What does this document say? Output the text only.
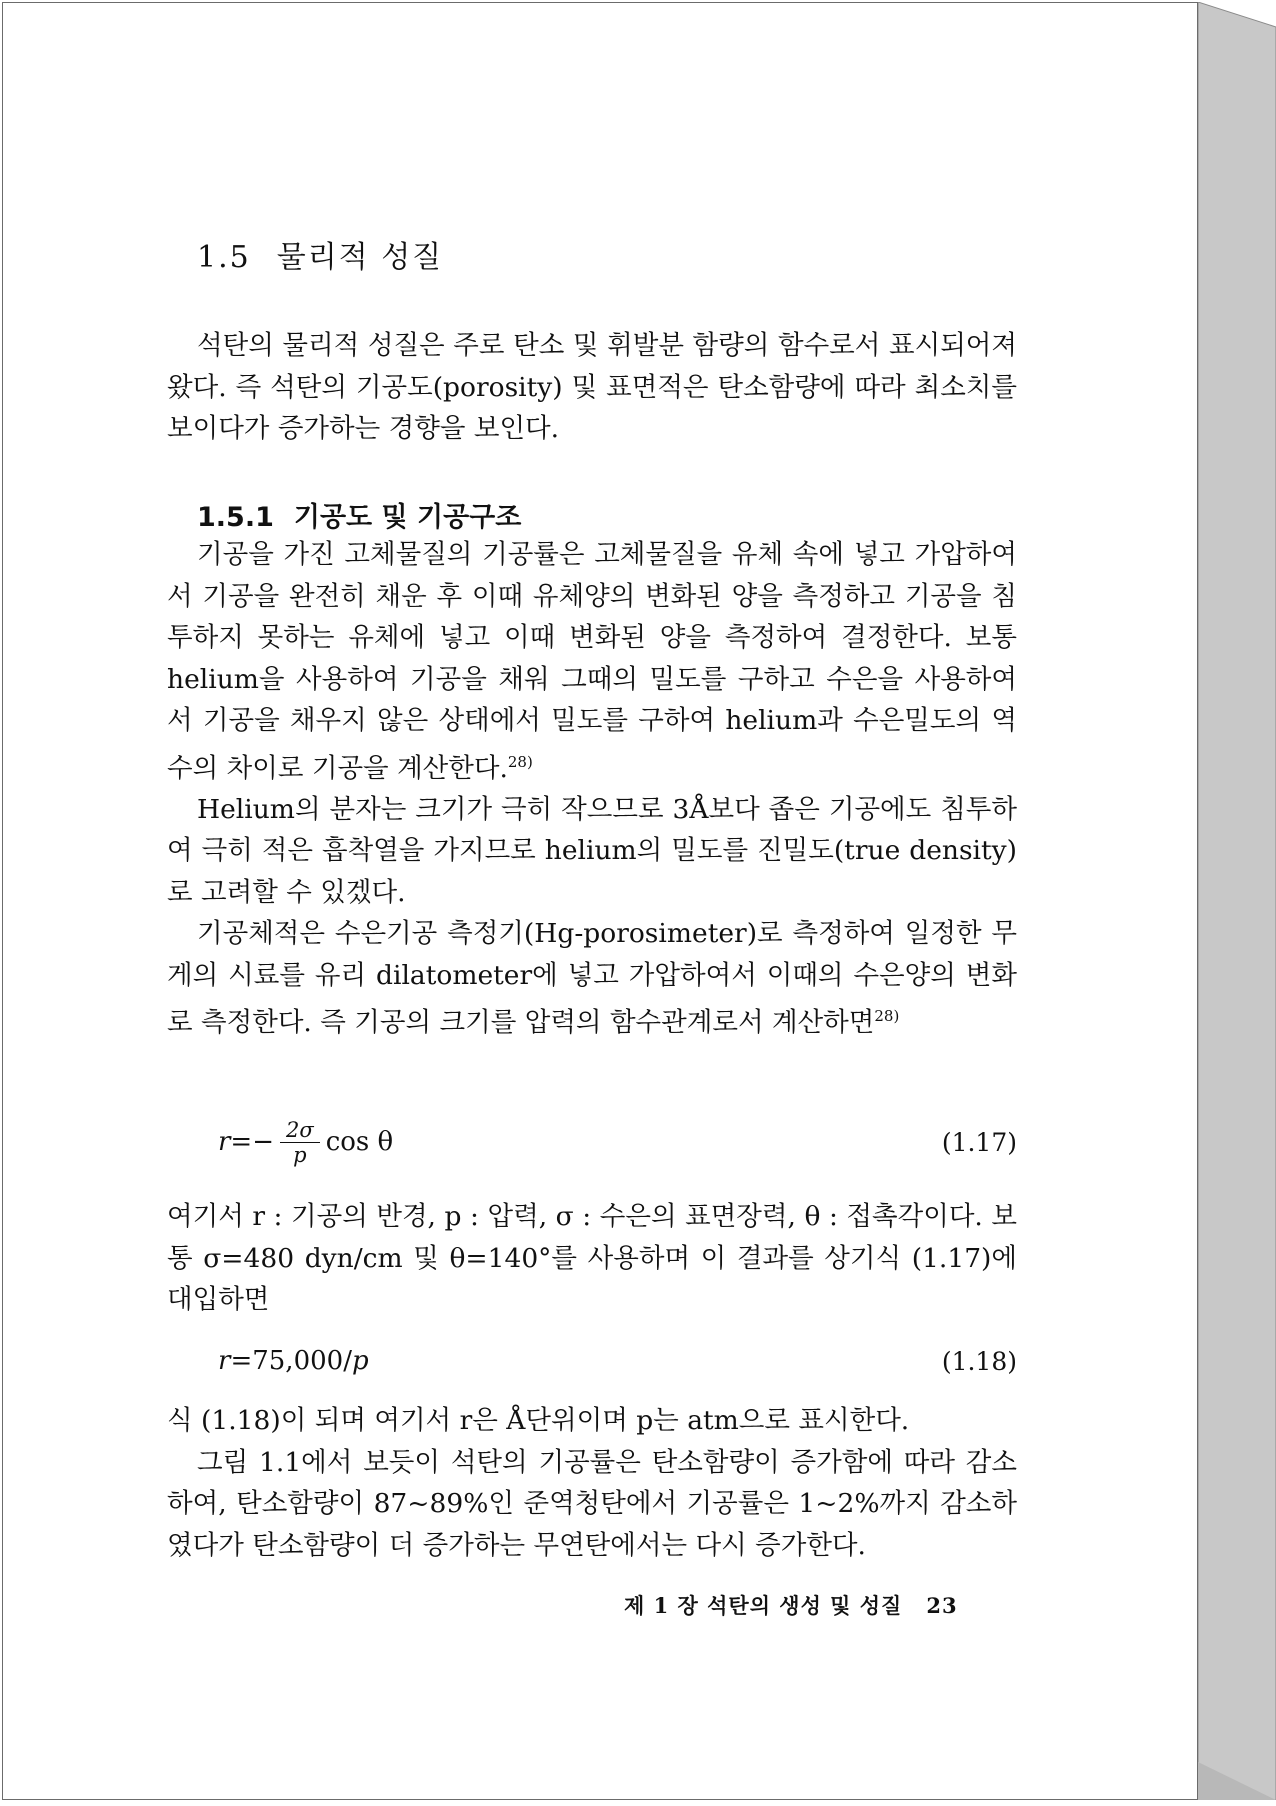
1.5 물리적 성질

석탄의 물리적 성질은 주로 탄소 및 휘발분 함량의 함수로서 표시되어져 왔다. 즉 석탄의 기공도(porosity) 및 표면적은 탄소함량에 따라 최소치를 보이다가 증가하는 경향을 보인다.

1.5.1 기공도 및 기공구조

기공을 가진 고체물질의 기공률은 고체물질을 유체 속에 넣고 가압하여서 기공을 완전히 채운 후 이때 유체양의 변화된 양을 측정하고 기공을 침투하지 못하는 유체에 넣고 이때 변화된 양을 측정하여 결정한다. 보통 helium을 사용하여 기공을 채워 그때의 밀도를 구하고 수은을 사용하여서 기공을 채우지 않은 상태에서 밀도를 구하여 helium과 수은밀도의 역수의 차이로 기공을 계산한다.$^{28)}$

Helium의 분자는 크기가 극히 작으므로 3Å보다 좁은 기공에도 침투하여 극히 적은 흡착열을 가지므로 helium의 밀도를 진밀도(true density)로 고려할 수 있겠다.

기공체적은 수은기공 측정기(Hg-porosimeter)로 측정하여 일정한 무게의 시료를 유리 dilatometer에 넣고 가압하여서 이때의 수은양의 변화로 측정한다. 즉 기공의 크기를 압력의 함수관계로서 계산하면$^{28)}$

$r=- \frac{2\sigma}{p}$ cos θ	(1.17)

여기서 r : 기공의 반경, p : 압력, σ : 수은의 표면장력, θ : 접촉각이다. 보통 σ=480 dyn/cm 및 θ=140°를 사용하며 이 결과를 상기식 (1.17)에 대입하면

r =75,000/ p	(1.18)

식 (1.18)이 되며 여기서 r은 Å단위이며 p는 atm으로 표시한다.

그림 1.1에서 보듯이 석탄의 기공률은 탄소함량이 증가함에 따라 감소하여, 탄소함량이 87~89%인 준역청탄에서 기공률은 1~2%까지 감소하였다가 탄소함량이 더 증가하는 무연탄에서는 다시 증가한다.

제 1 장 석탄의 생성 및 성질 23
